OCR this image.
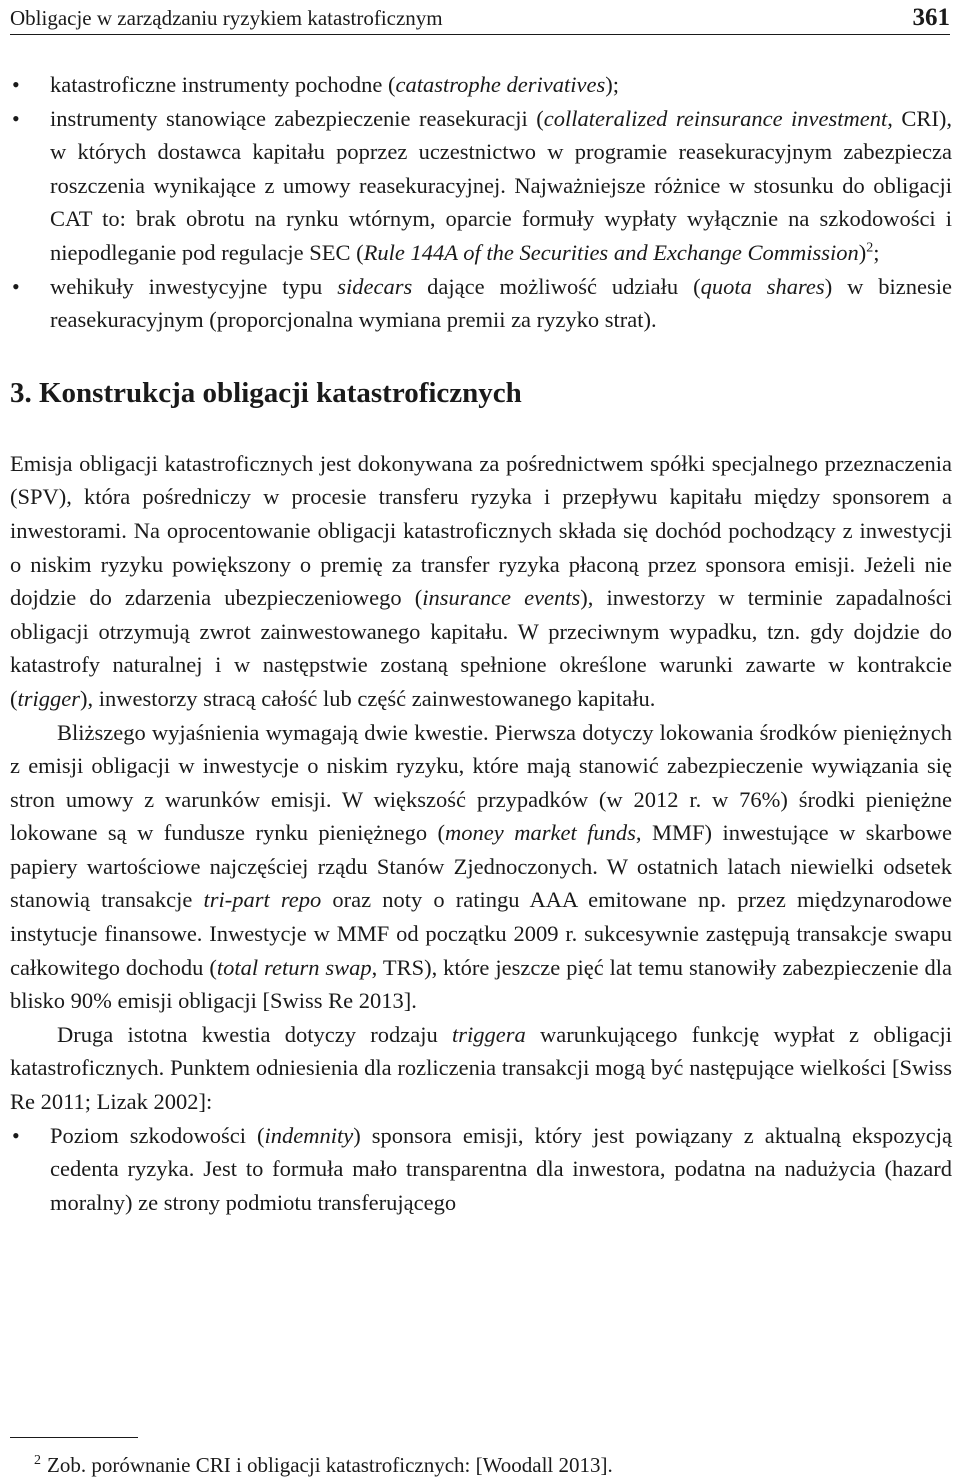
Obligacje w zarządzaniu ryzykiem katastroficznym	361
• katastroficzne instrumenty pochodne (catastrophe derivatives);
• instrumenty stanowiące zabezpieczenie reasekuracji (collateralized reinsurance investment, CRI), w których dostawca kapitału poprzez uczestnictwo w programie reasekuracyjnym zabezpiecza roszczenia wynikające z umowy reasekuracyjnej. Najważniejsze różnice w stosunku do obligacji CAT to: brak obrotu na rynku wtórnym, oparcie formuły wypłaty wyłącznie na szkodowości i niepodleganie pod regulacje SEC (Rule 144A of the Securities and Exchange Commission)$^2$;
• wehikuły inwestycyjne typu sidecars dające możliwość udziału (quota shares) w biznesie reasekuracyjnym (proporcjonalna wymiana premii za ryzyko strat).
3. Konstrukcja obligacji katastroficznych

Emisja obligacji katastroficznych jest dokonywana za pośrednictwem spółki specjalnego przeznaczenia (SPV), która pośredniczy w procesie transferu ryzyka i przepływu kapitału między sponsorem a inwestorami. Na oprocentowanie obligacji katastroficznych składa się dochód pochodzący z inwestycji o niskim ryzyku powiększony o premię za transfer ryzyka płaconą przez sponsora emisji. Jeżeli nie dojdzie do zdarzenia ubezpieczeniowego (insurance events), inwestorzy w terminie zapadalności obligacji otrzymują zwrot zainwestowanego kapitału. W przeciwnym wypadku, tzn. gdy dojdzie do katastrofy naturalnej i w następstwie zostaną spełnione określone warunki zawarte w kontrakcie (trigger), inwestorzy stracą całość lub część zainwestowanego kapitału.

Bliższego wyjaśnienia wymagają dwie kwestie. Pierwsza dotyczy lokowania środków pieniężnych z emisji obligacji w inwestycje o niskim ryzyku, które mają stanowić zabezpieczenie wywiązania się stron umowy z warunków emisji. W większość przypadków (w 2012 r. w 76%) środki pieniężne lokowane są w fundusze rynku pieniężnego (money market funds, MMF) inwestujące w skarbowe papiery wartościowe najczęściej rządu Stanów Zjednoczonych. W ostatnich latach niewielki odsetek stanowią transakcje tri-part repo oraz noty o ratingu AAA emitowane np. przez międzynarodowe instytucje finansowe. Inwestycje w MMF od początku 2009 r. sukcesywnie zastępują transakcje swapu całkowitego dochodu (total return swap, TRS), które jeszcze pięć lat temu stanowiły zabezpieczenie dla blisko 90% emisji obligacji [Swiss Re 2013].

Druga istotna kwestia dotyczy rodzaju triggera warunkującego funkcję wypłat z obligacji katastroficznych. Punktem odniesienia dla rozliczenia transakcji mogą być następujące wielkości [Swiss Re 2011; Lizak 2002]:

• Poziom szkodowości (indemnity) sponsora emisji, który jest powiązany z aktualną ekspozycją cedenta ryzyka. Jest to formuła mało transparentna dla inwestora, podatna na nadużycia (hazard moralny) ze strony podmiotu transferującego
$^2$ Zob. porównanie CRI i obligacji katastroficznych: [Woodall 2013].
